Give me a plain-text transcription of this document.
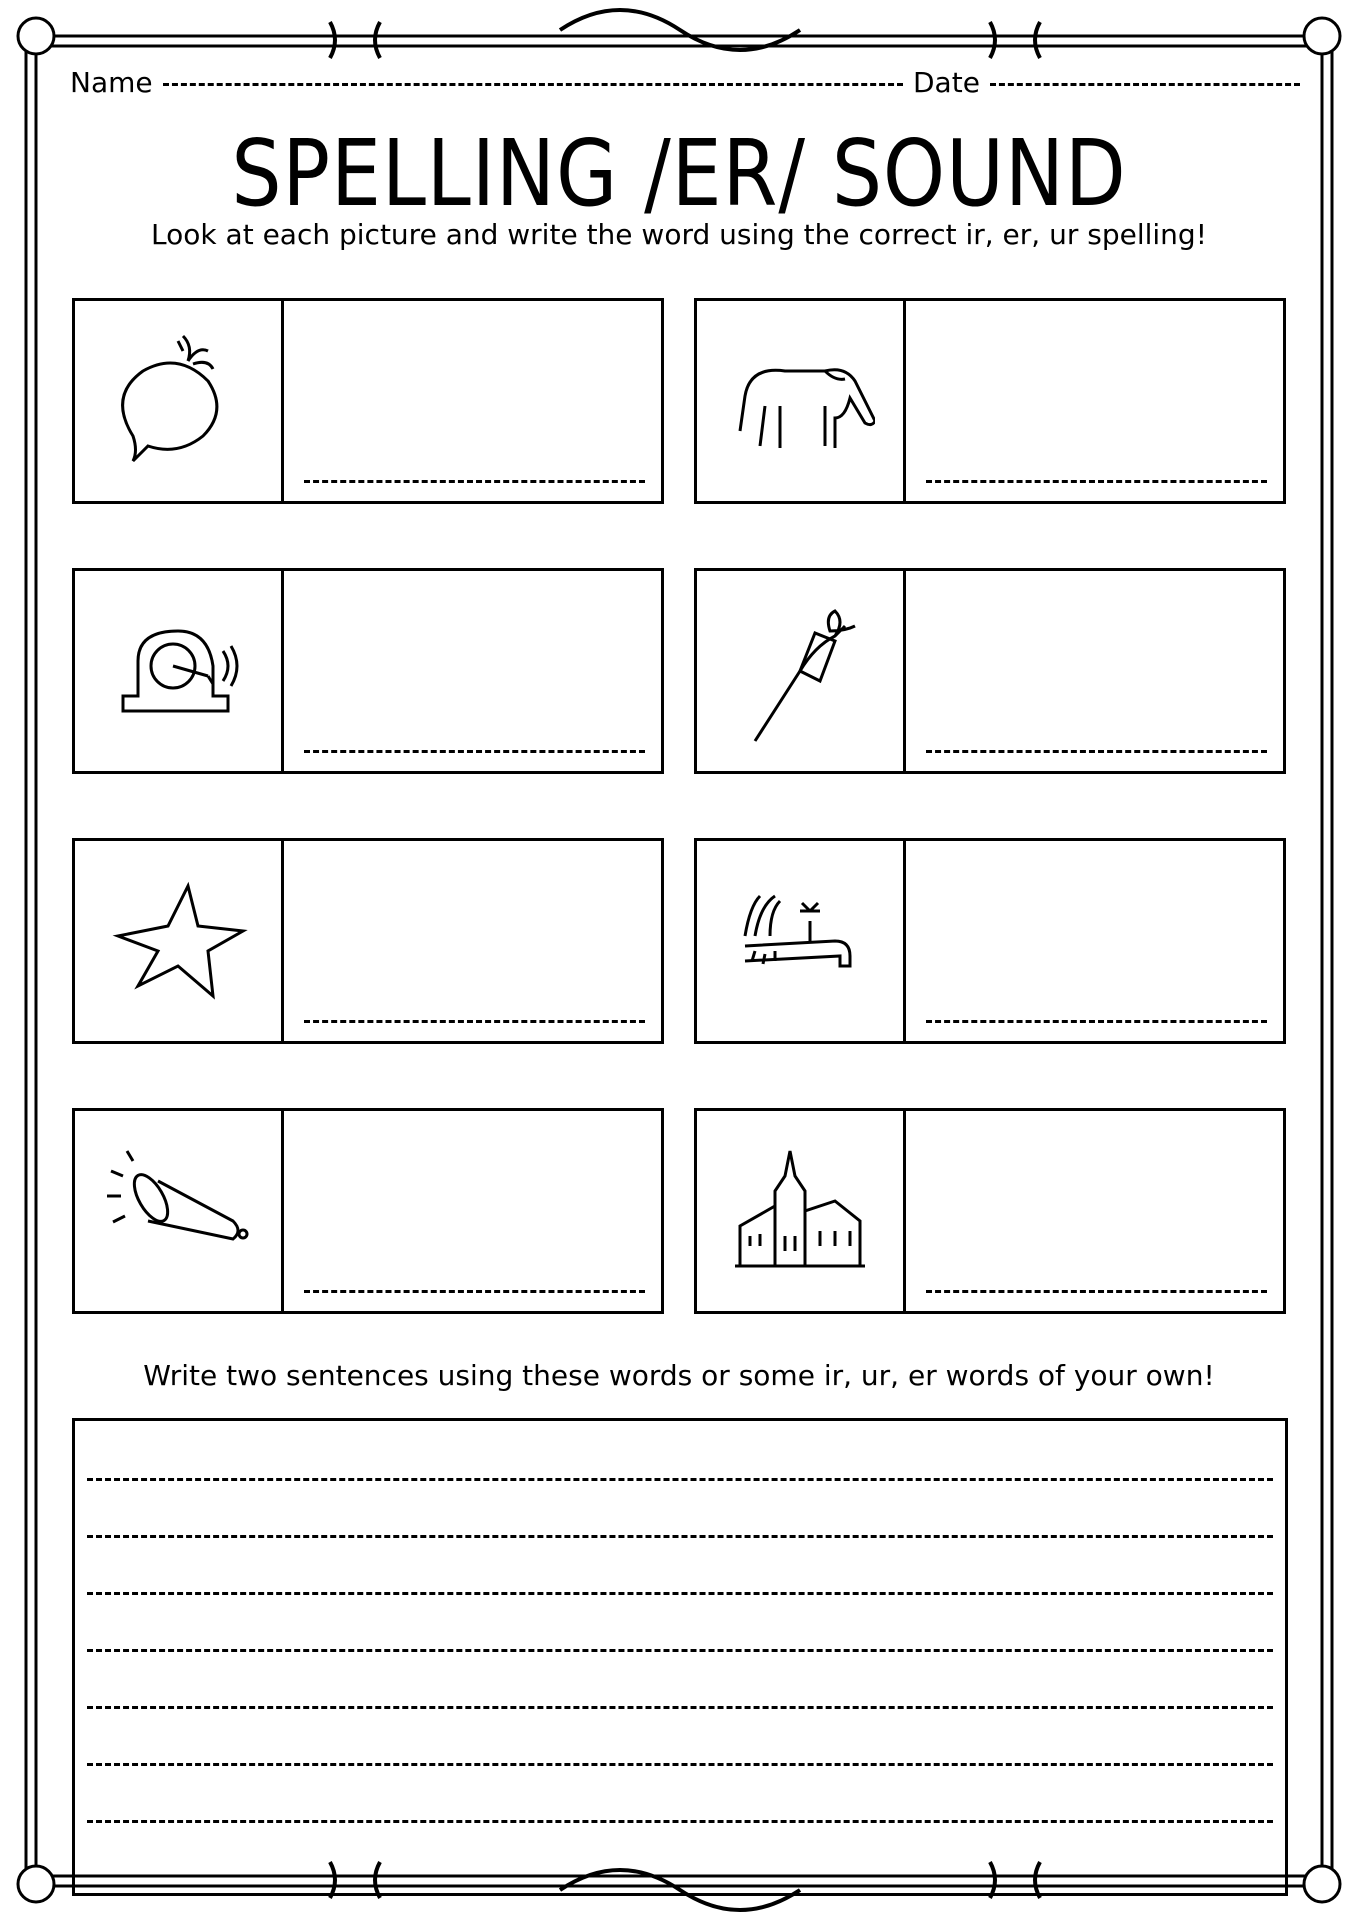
Name	Date
SPELLING /ER/ SOUND
Look at each picture and write the word using the correct ir, er, ur spelling!
Write two sentences using these words or some ir, ur, er words of your own!
